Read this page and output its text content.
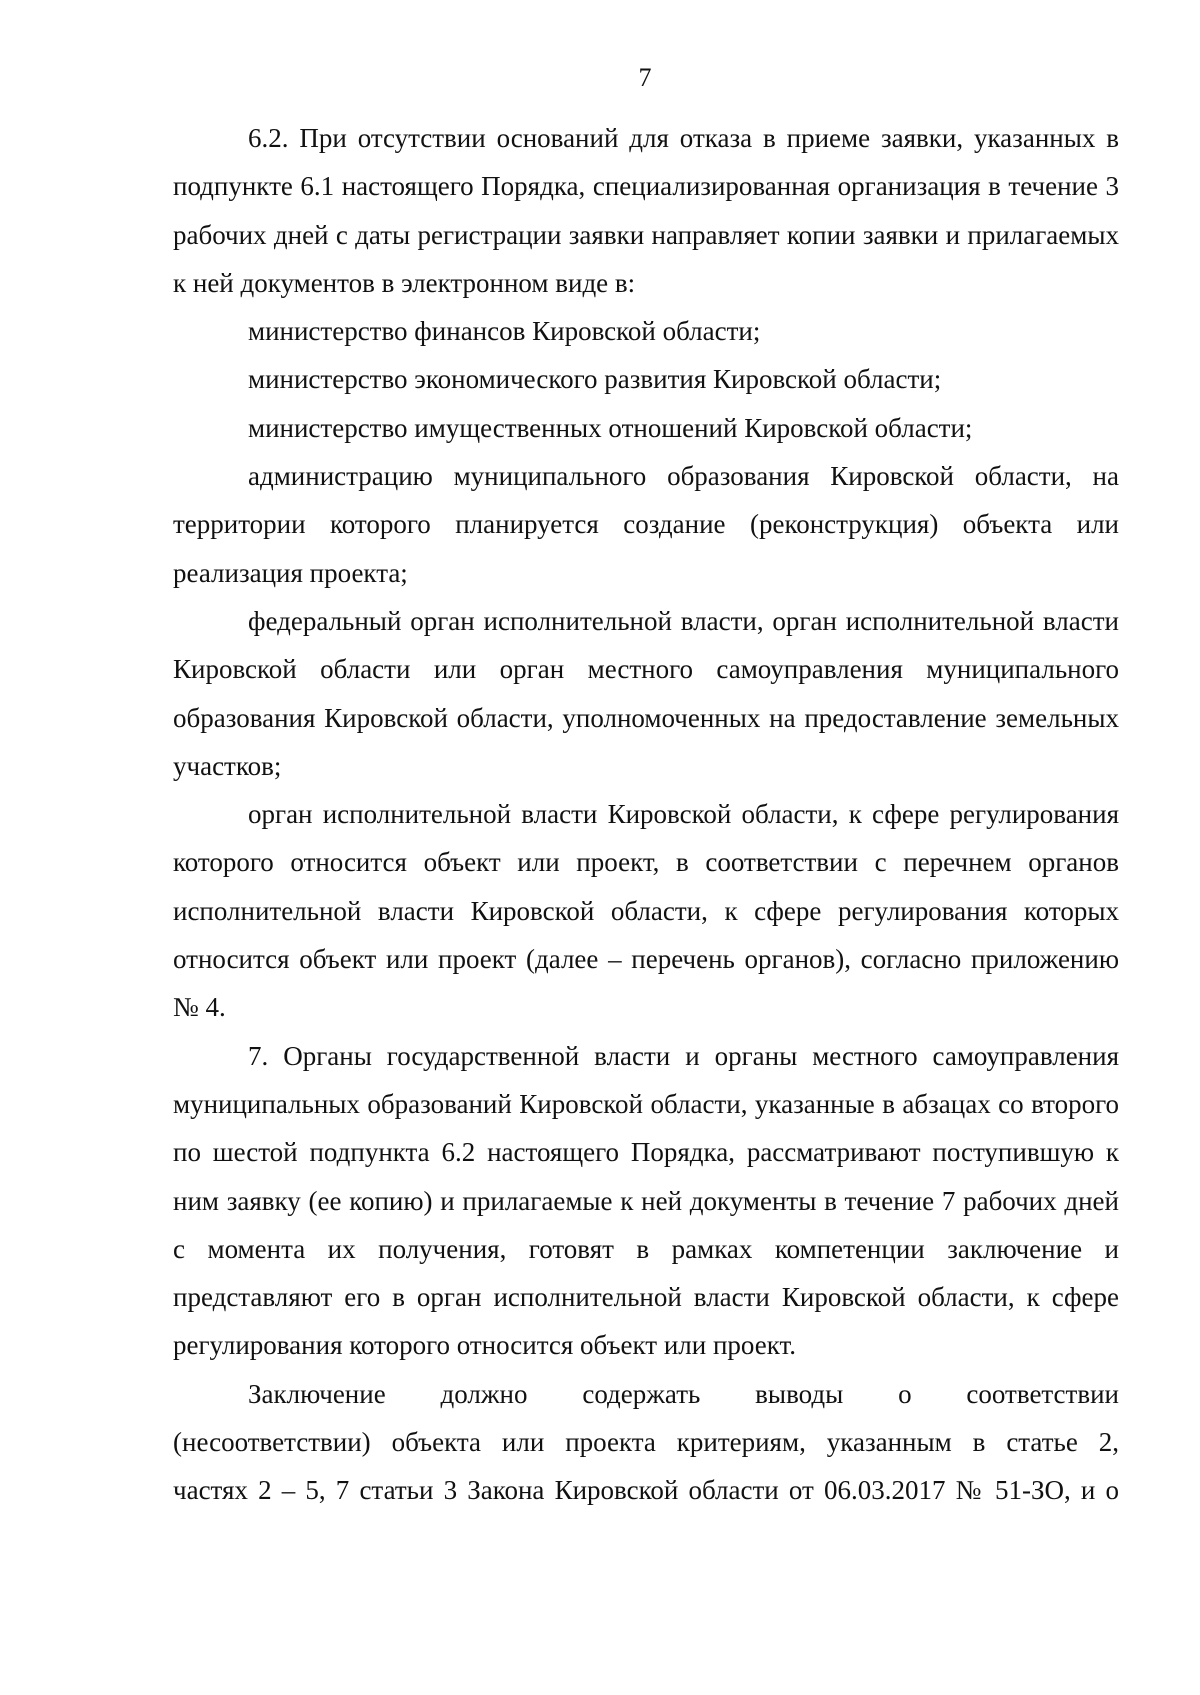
7

6.2. При отсутствии оснований для отказа в приеме заявки, указанных в подпункте 6.1 настоящего Порядка, специализированная организация в течение 3 рабочих дней с даты регистрации заявки направляет копии заявки и прилагаемых к ней документов в электронном виде в:

министерство финансов Кировской области;

министерство экономического развития Кировской области;

министерство имущественных отношений Кировской области;

администрацию муниципального образования Кировской области, на территории которого планируется создание (реконструкция) объекта или реализация проекта;

федеральный орган исполнительной власти, орган исполнительной власти Кировской области или орган местного самоуправления муниципального образования Кировской области, уполномоченных на предоставление земельных участков;

орган исполнительной власти Кировской области, к сфере регулирования которого относится объект или проект, в соответствии с перечнем органов исполнительной власти Кировской области, к сфере регулирования которых относится объект или проект (далее – перечень органов), согласно приложению № 4.

7. Органы государственной власти и органы местного самоуправления муниципальных образований Кировской области, указанные в абзацах со второго по шестой подпункта 6.2 настоящего Порядка, рассматривают поступившую к ним заявку (ее копию) и прилагаемые к ней документы в течение 7 рабочих дней с момента их получения, готовят в рамках компетенции заключение и представляют его в орган исполнительной власти Кировской области, к сфере регулирования которого относится объект или проект.

Заключение должно содержать выводы о соответствии

(несоответствии) объекта или проекта критериям, указанным в статье 2,

частях 2 – 5, 7 статьи 3 Закона Кировской области от 06.03.2017 № 51-ЗО, и о
